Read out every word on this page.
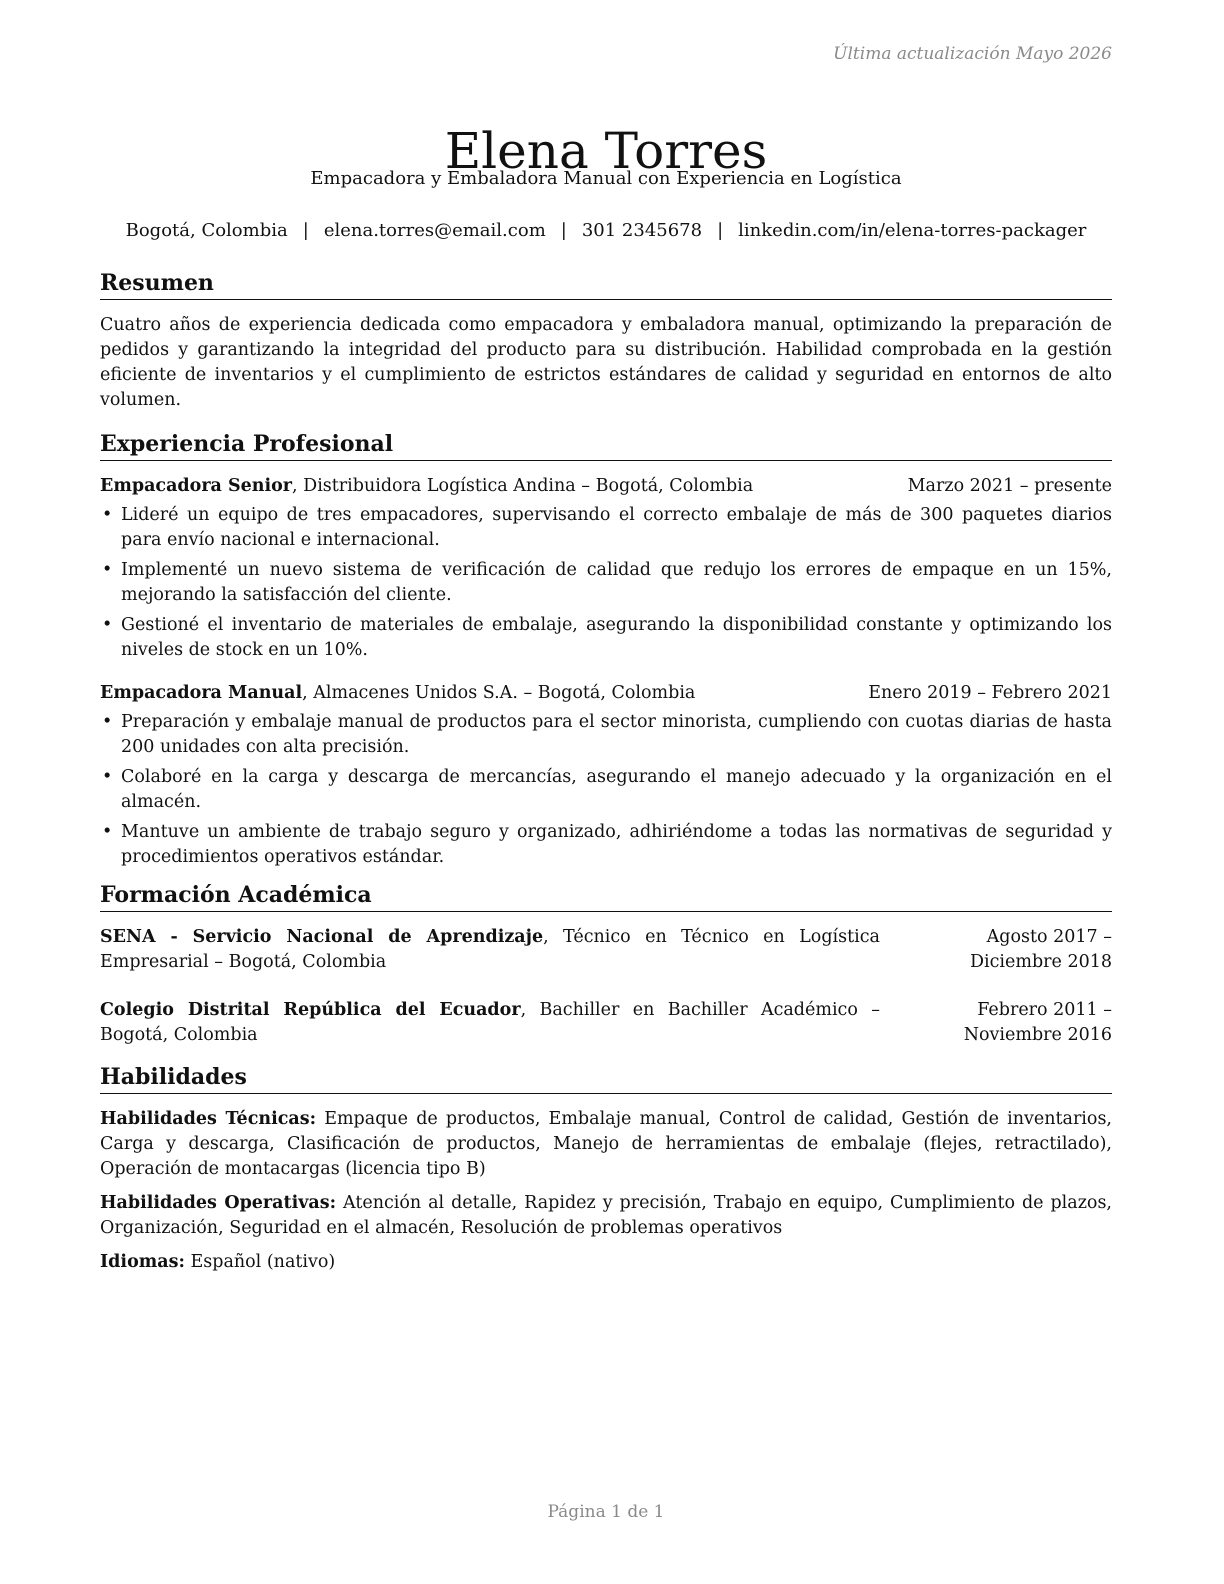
Última actualización Mayo 2026
Elena Torres
Empacadora y Embaladora Manual con Experiencia en Logística
Bogotá, Colombia | elena.torres@email.com | 301 2345678 | linkedin.com/in/elena-torres-packager
Resumen

Cuatro años de experiencia dedicada como empacadora y embaladora manual, optimizando la preparación de pedidos y garantizando la integridad del producto para su distribución. Habilidad comprobada en la gestión eficiente de inventarios y el cumplimiento de estrictos estándares de calidad y seguridad en entornos de alto volumen.

Experiencia Profesional
Empacadora Senior, Distribuidora Logística Andina – Bogotá, Colombia	Marzo 2021 – presente
• Lideré un equipo de tres empacadores, supervisando el correcto embalaje de más de 300 paquetes diarios para envío nacional e internacional.
• Implementé un nuevo sistema de verificación de calidad que redujo los errores de empaque en un 15%, mejorando la satisfacción del cliente.
• Gestioné el inventario de materiales de embalaje, asegurando la disponibilidad constante y optimizando los niveles de stock en un 10%.
Empacadora Manual, Almacenes Unidos S.A. – Bogotá, Colombia	Enero 2019 – Febrero 2021
• Preparación y embalaje manual de productos para el sector minorista, cumpliendo con cuotas diarias de hasta 200 unidades con alta precisión.
• Colaboré en la carga y descarga de mercancías, asegurando el manejo adecuado y la organización en el almacén.
• Mantuve un ambiente de trabajo seguro y organizado, adhiriéndome a todas las normativas de seguridad y procedimientos operativos estándar.
Formación Académica
SENA - Servicio Nacional de Aprendizaje, Técnico en Técnico en Logística Empresarial – Bogotá, Colombia
Agosto 2017 – Diciembre 2018
Colegio Distrital República del Ecuador, Bachiller en Bachiller Académico – Bogotá, Colombia
Febrero 2011 – Noviembre 2016
Habilidades
Habilidades Técnicas: Empaque de productos, Embalaje manual, Control de calidad, Gestión de inventarios, Carga y descarga, Clasificación de productos, Manejo de herramientas de embalaje (flejes, retractilado), Operación de montacargas (licencia tipo B)
Habilidades Operativas: Atención al detalle, Rapidez y precisión, Trabajo en equipo, Cumplimiento de plazos, Organización, Seguridad en el almacén, Resolución de problemas operativos
Idiomas: Español (nativo)
Página 1 de 1
